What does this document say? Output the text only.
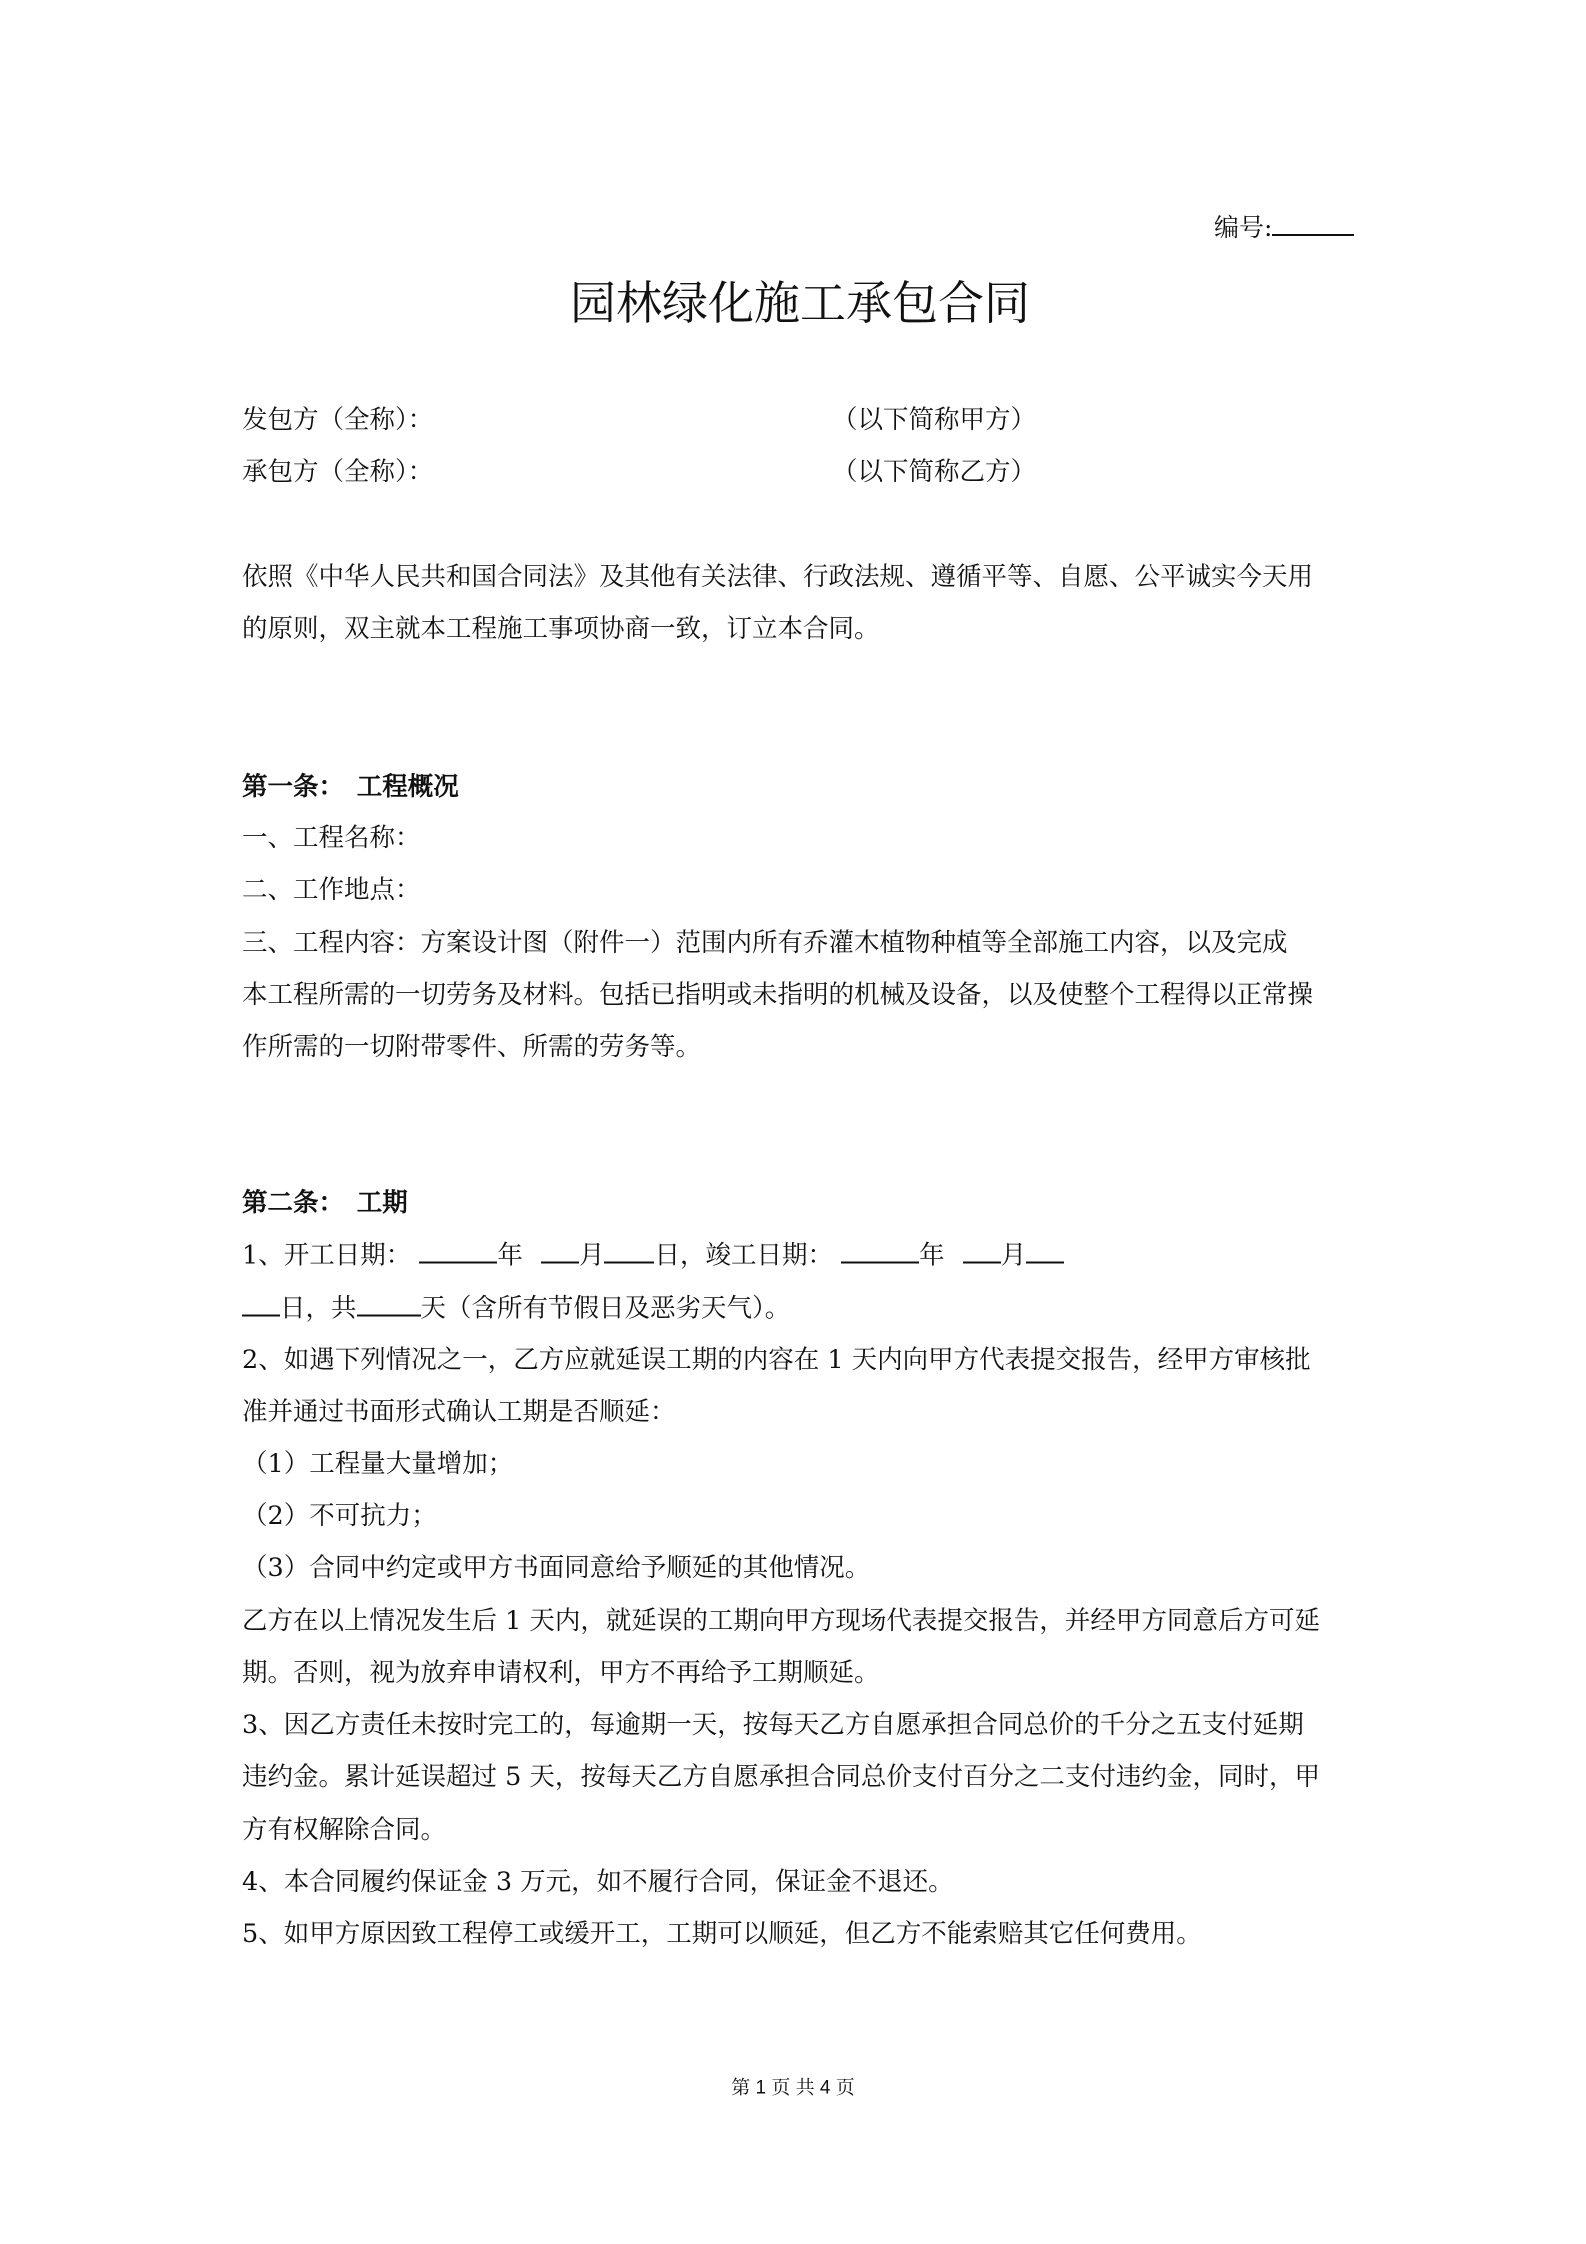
编号:
园林绿化施工承包合同
发包方（全称）：	（以下简称甲方）
承包方（全称）：	（以下简称乙方）
依照《中华人民共和国合同法》及其他有关法律、行政法规、遵循平等、自愿、公平诚实今天用
的原则，双主就本工程施工事项协商一致，订立本合同。
第一条：　工程概况
一、工程名称：
二、工作地点：
三、工程内容：方案设计图（附件一）范围内所有乔灌木植物种植等全部施工内容，以及完成
本工程所需的一切劳务及材料。包括已指明或未指明的机械及设备，以及使整个工程得以正常操
作所需的一切附带零件、所需的劳务等。
第二条：　工期
1、开工日期：	年 月 日，竣工日期：	年 月
日，共	天（含所有节假日及恶劣天气）。
2、如遇下列情况之一，乙方应就延误工期的内容在 1 天内向甲方代表提交报告，经甲方审核批
准并通过书面形式确认工期是否顺延：
（1）工程量大量增加；
（2）不可抗力；
（3）合同中约定或甲方书面同意给予顺延的其他情况。
乙方在以上情况发生后 1 天内，就延误的工期向甲方现场代表提交报告，并经甲方同意后方可延
期。否则，视为放弃申请权利，甲方不再给予工期顺延。
3、因乙方责任未按时完工的，每逾期一天，按每天乙方自愿承担合同总价的千分之五支付延期
违约金。累计延误超过 5 天，按每天乙方自愿承担合同总价支付百分之二支付违约金，同时，甲
方有权解除合同。
4、本合同履约保证金 3 万元，如不履行合同，保证金不退还。
5、如甲方原因致工程停工或缓开工，工期可以顺延，但乙方不能索赔其它任何费用。
第 1 页 共 4 页
